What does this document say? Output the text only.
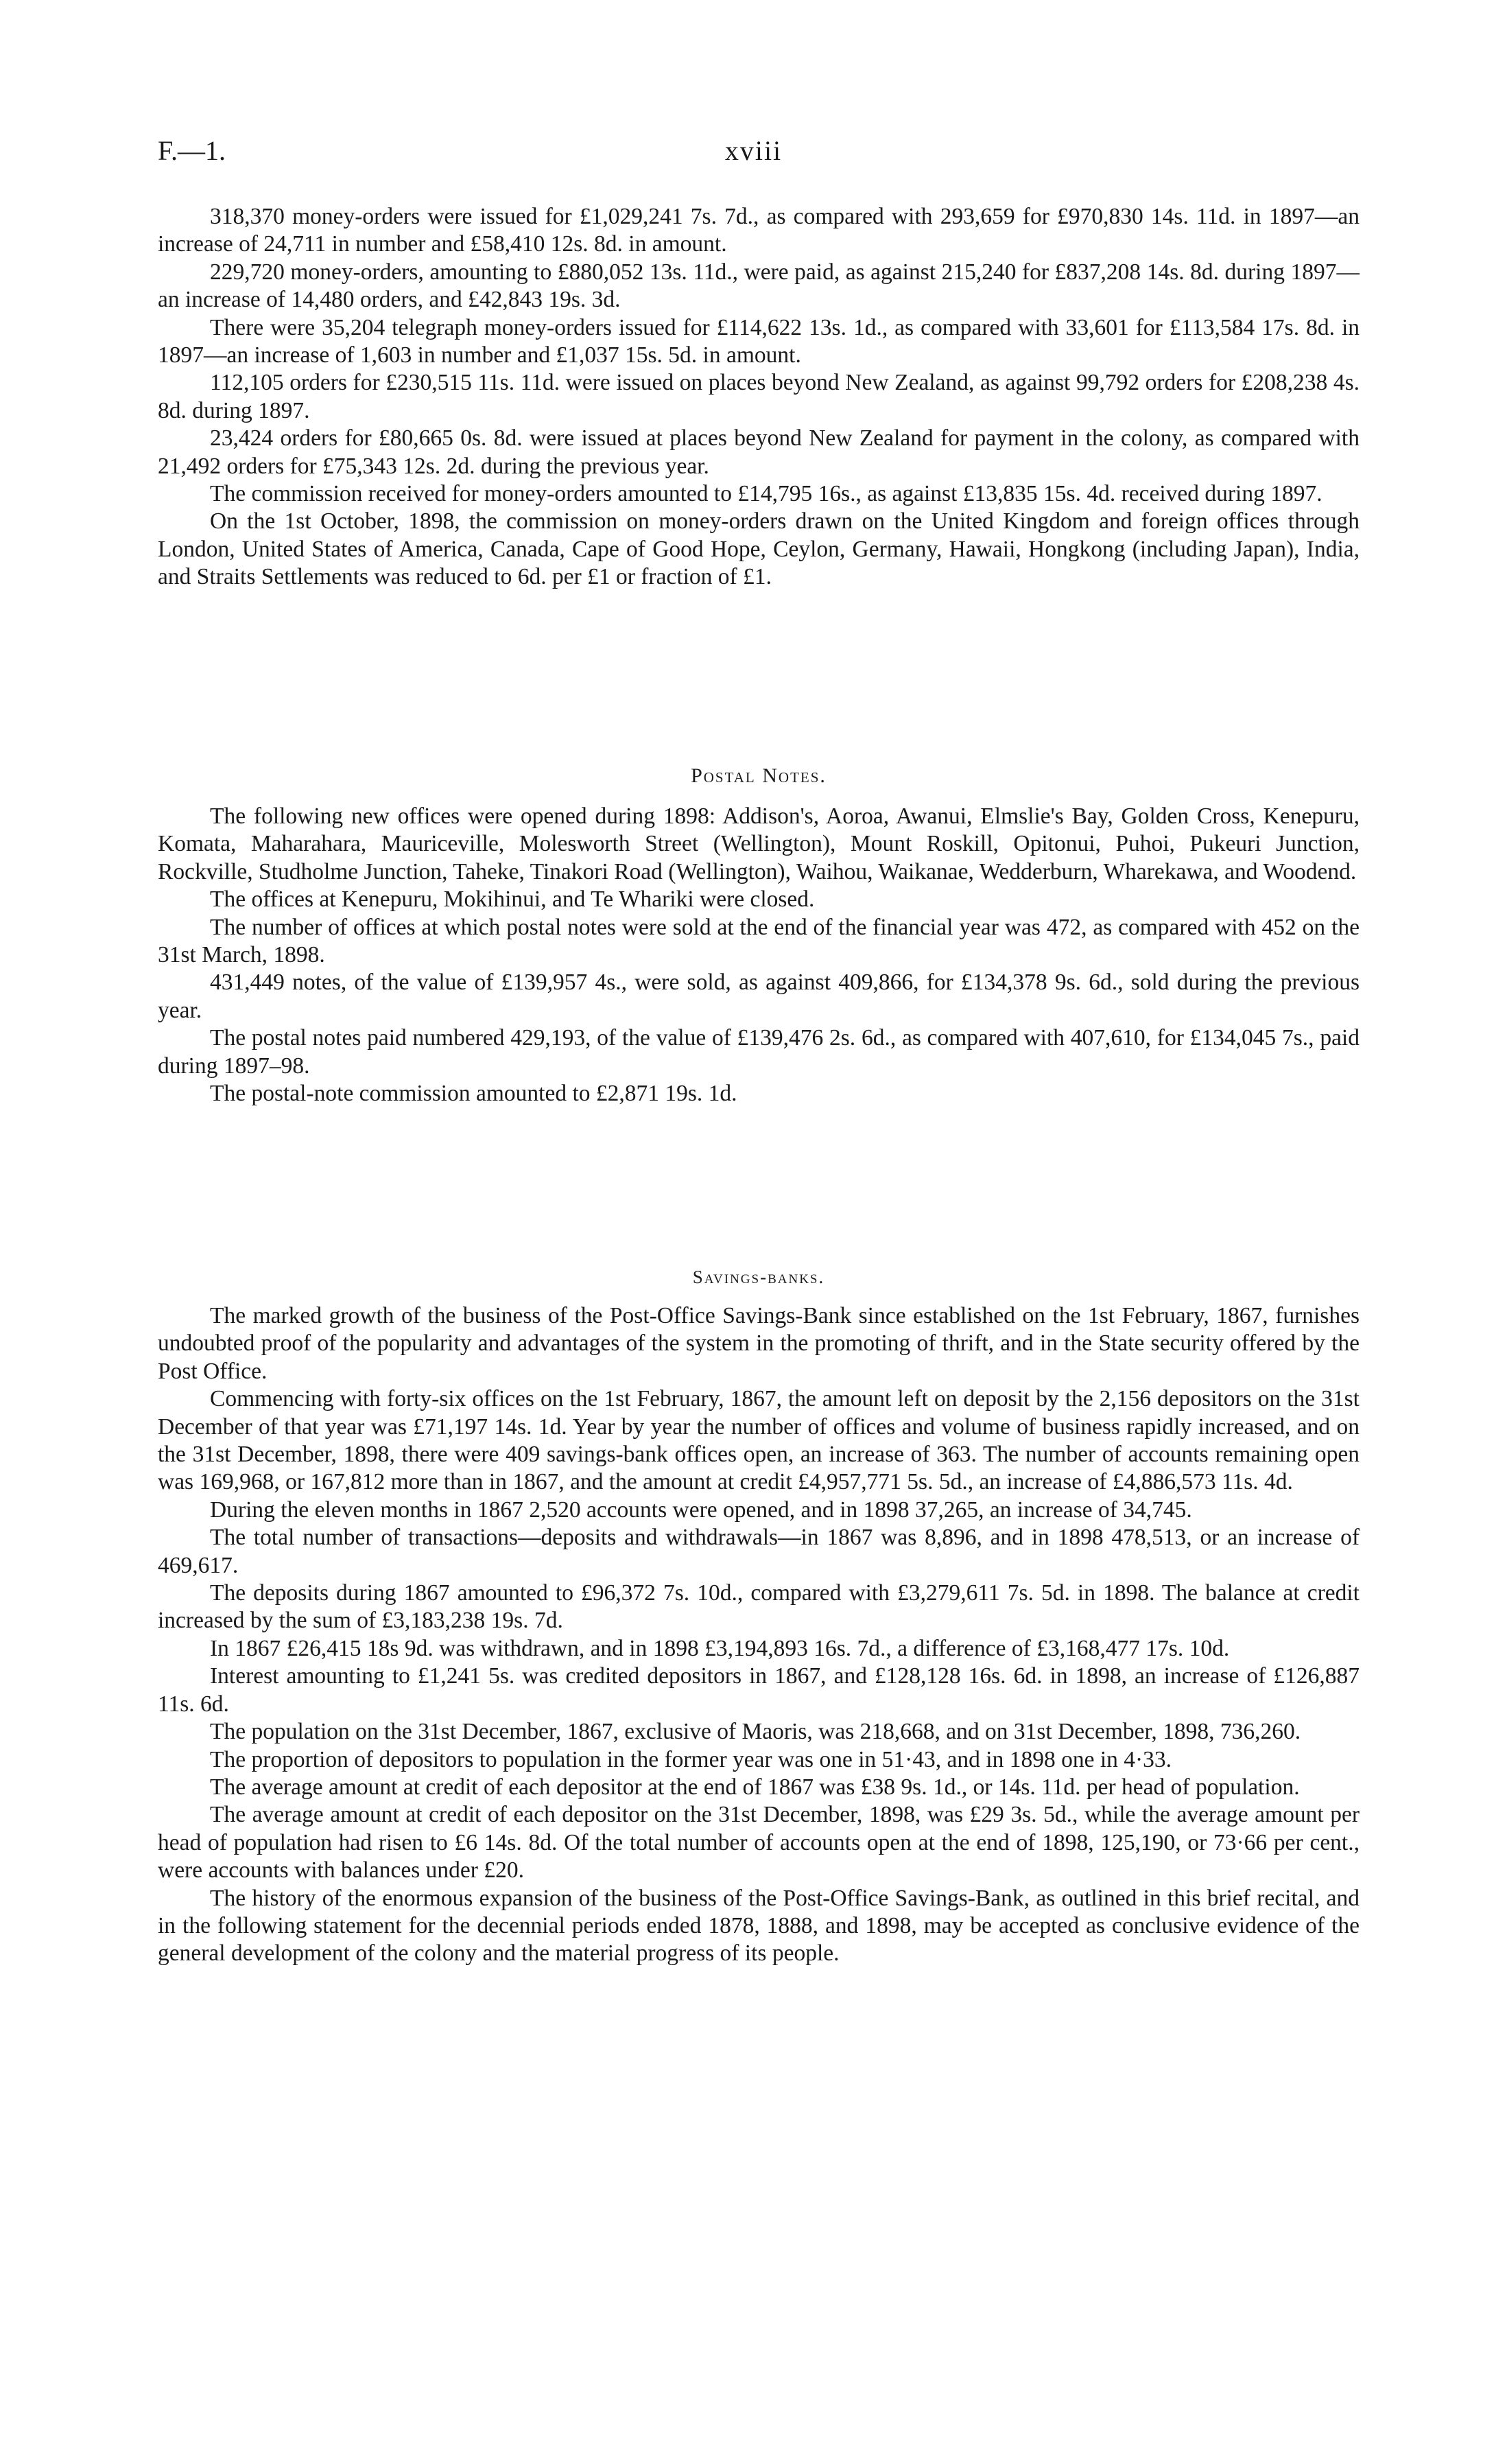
F.—1.	xviii

318,370 money-orders were issued for £1,029,241 7s. 7d., as compared with 293,659 for £970,830 14s. 11d. in 1897—an increase of 24,711 in number and £58,410 12s. 8d. in amount.

229,720 money-orders, amounting to £880,052 13s. 11d., were paid, as against 215,240 for £837,208 14s. 8d. during 1897—an increase of 14,480 orders, and £42,843 19s. 3d.

There were 35,204 telegraph money-orders issued for £114,622 13s. 1d., as compared with 33,601 for £113,584 17s. 8d. in 1897—an increase of 1,603 in number and £1,037 15s. 5d. in amount.

112,105 orders for £230,515 11s. 11d. were issued on places beyond New Zealand, as against 99,792 orders for £208,238 4s. 8d. during 1897.

23,424 orders for £80,665 0s. 8d. were issued at places beyond New Zealand for payment in the colony, as compared with 21,492 orders for £75,343 12s. 2d. during the previous year.

The commission received for money-orders amounted to £14,795 16s., as against £13,835 15s. 4d. received during 1897.

On the 1st October, 1898, the commission on money-orders drawn on the United Kingdom and foreign offices through London, United States of America, Canada, Cape of Good Hope, Ceylon, Germany, Hawaii, Hongkong (including Japan), India, and Straits Settlements was reduced to 6d. per £1 or fraction of £1.

Postal Notes.

The following new offices were opened during 1898: Addison's, Aoroa, Awanui, Elmslie's Bay, Golden Cross, Kenepuru, Komata, Maharahara, Mauriceville, Molesworth Street (Wellington), Mount Roskill, Opitonui, Puhoi, Pukeuri Junction, Rockville, Studholme Junction, Taheke, Tinakori Road (Wellington), Waihou, Waikanae, Wedderburn, Wharekawa, and Woodend.

The offices at Kenepuru, Mokihinui, and Te Whariki were closed.

The number of offices at which postal notes were sold at the end of the financial year was 472, as compared with 452 on the 31st March, 1898.

431,449 notes, of the value of £139,957 4s., were sold, as against 409,866, for £134,378 9s. 6d., sold during the previous year.

The postal notes paid numbered 429,193, of the value of £139,476 2s. 6d., as compared with 407,610, for £134,045 7s., paid during 1897–98.

The postal-note commission amounted to £2,871 19s. 1d.

Savings-banks.

The marked growth of the business of the Post-Office Savings-Bank since established on the 1st February, 1867, furnishes undoubted proof of the popularity and advantages of the system in the promoting of thrift, and in the State security offered by the Post Office.

Commencing with forty-six offices on the 1st February, 1867, the amount left on deposit by the 2,156 depositors on the 31st December of that year was £71,197 14s. 1d. Year by year the number of offices and volume of business rapidly increased, and on the 31st December, 1898, there were 409 savings-bank offices open, an increase of 363. The number of accounts remaining open was 169,968, or 167,812 more than in 1867, and the amount at credit £4,957,771 5s. 5d., an increase of £4,886,573 11s. 4d.

During the eleven months in 1867 2,520 accounts were opened, and in 1898 37,265, an increase of 34,745.

The total number of transactions—deposits and withdrawals—in 1867 was 8,896, and in 1898 478,513, or an increase of 469,617.

The deposits during 1867 amounted to £96,372 7s. 10d., compared with £3,279,611 7s. 5d. in 1898. The balance at credit increased by the sum of £3,183,238 19s. 7d.

In 1867 £26,415 18s 9d. was withdrawn, and in 1898 £3,194,893 16s. 7d., a difference of £3,168,477 17s. 10d.

Interest amounting to £1,241 5s. was credited depositors in 1867, and £128,128 16s. 6d. in 1898, an increase of £126,887 11s. 6d.

The population on the 31st December, 1867, exclusive of Maoris, was 218,668, and on 31st December, 1898, 736,260.

The proportion of depositors to population in the former year was one in 51·43, and in 1898 one in 4·33.

The average amount at credit of each depositor at the end of 1867 was £38 9s. 1d., or 14s. 11d. per head of population.

The average amount at credit of each depositor on the 31st December, 1898, was £29 3s. 5d., while the average amount per head of population had risen to £6 14s. 8d. Of the total number of accounts open at the end of 1898, 125,190, or 73·66 per cent., were accounts with balances under £20.

The history of the enormous expansion of the business of the Post-Office Savings-Bank, as outlined in this brief recital, and in the following statement for the decennial periods ended 1878, 1888, and 1898, may be accepted as conclusive evidence of the general development of the colony and the material progress of its people.
